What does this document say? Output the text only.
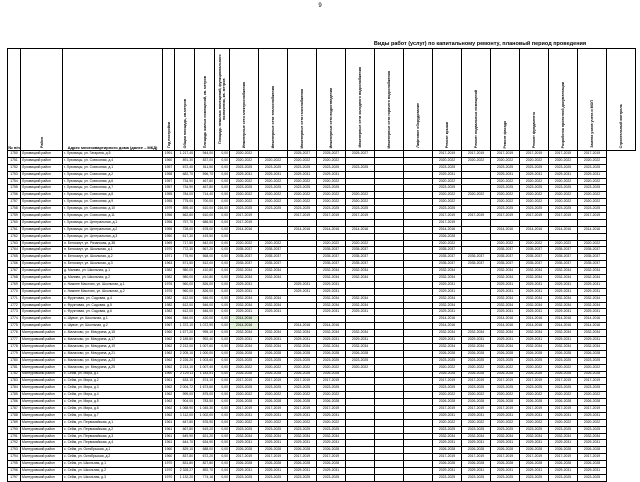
9
Виды работ (услуг) по капитальному ремонту, плановый период проведения
№ п/п	Район	Адрес многоквартирного дома (далее – МКД)	Год постройки	Общая площадь, кв.метров	Площадь жилых помещений, кв. метров	Площадь нежилых помещений, функционального назначения, кв. метров	Инженерные сети электроснабжения	Инженерные сети теплоснабжения	Инженерные сети газоснабжения	Инженерные сети водоотведения	Инженерные сети холодного водоснабжения	Инженерные сети горячего водоснабжения	Лифтовое оборудование	Ремонт крыши	Ремонт подвальных помещений	Ремонт фасада	Ремонт фундамента	Разработка проектной документации	Замена узлов учета и МОП	Строительный контроль

1750	Луховицкий район	г. Луховицы, ул. Гагарина, д.5	1991	1 217,40	944,00	0,00	2020-2022		2025-2027	2025-2027	2025-2027			2017-2019	2017-2019	2017-2019	2017-2019	2017-2019	2017-2019	
1751	Луховицкий район	г. Луховицы, ул. Совхозная, д.4	1960	891,30	837,00	0,00	2020-2022	2020-2022	2020-2022	2020-2022				2020-2022	2020-2022	2020-2022	2020-2022	2020-2022	2020-2022	
1752	Луховицкий район	г. Луховицы, ул. Совхозная, д.1	1957	672,40	511,50	0,00	2023-2025	2023-2025	2023-2025	2023-2025	2023-2025			2023-2025		2023-2025	2023-2025	2023-2025	2023-2025	
1753	Луховицкий район	г. Луховицы, ул. Совхозная, д.2	1958	682,70	596,70	0,00	2029-2031	2029-2031	2029-2031	2029-2031				2029-2031		2029-2031	2029-2031	2029-2031	2029-2031	
1754	Луховицкий район	г. Луховицы, ул. Совхозная, д.6	1957	734,90	467,80	0,00	2020-2022	2020-2022	2020-2022	2020-2022				2020-2022		2020-2022	2020-2022	2020-2022	2020-2022	
1755	Луховицкий район	г. Луховицы, ул. Совхозная, д.7	1957	734,90	467,80	0,00	2023-2025	2023-2025	2023-2025	2023-2025				2023-2025		2023-2025	2023-2025	2023-2025	2023-2025	
1756	Луховицкий район	г. Луховицы, ул. Совхозная, д.8	1955	784,00	714,40	0,00	2020-2022	2020-2022	2020-2022	2020-2022	2020-2022			2020-2022	2020-2022	2020-2022	2020-2022	2020-2022	2020-2022	
1757	Луховицкий район	г. Луховицы, ул. Совхозная, д.9	1955	775,00	700,00	0,00	2020-2022	2020-2022	2020-2022	2020-2022	2020-2022			2020-2022		2020-2022	2020-2022	2020-2022	2020-2022	
1758	Луховицкий район	г. Луховицы, ул. Совхозная, д.10	1979	895,40	610,00	216,00	2023-2025	2023-2025	2023-2025	2023-2025	2023-2025			2023-2025		2023-2025	2023-2025	2023-2025	2023-2025	
1759	Луховицкий район	г. Луховицы, ул. Совхозная, д.11	1956	662,60	610,00	0,00	2017-2019		2017-2019	2017-2019	2017-2019			2017-2019	2017-2019	2017-2019	2017-2019	2017-2019	2017-2019	
1760	Луховицкий район	г. Луховицы, ул. Центральная, д.1	1956	757,70	686,50	0,00	2017-2019							2017-2019						
1761	Луховицкий район	г. Луховицы, ул. Центральная, д.2	1955	728,00	678,00	0,00	2014-2016		2014-2016	2014-2016	2014-2016			2014-2016		2014-2016	2014-2016	2014-2016	2014-2016	
1762	Луховицкий район	г. Луховицы, ул. Центральная, д.3	1950	617,30	419,50	0,00								2026-2028						
1763	Луховицкий район	п. Белоомут, ул. Рязанская, д.38	1969	717,50	542,00	0,00	2020-2022	2020-2022		2020-2022	2020-2022			2020-2022		2020-2022	2020-2022	2020-2022	2020-2022	
1764	Луховицкий район	п. Белоомут, ул. Школьная, д.1	1970	772,30	567,20	0,00	2035-2037	2035-2037		2035-2037	2035-2037			2035-2037		2035-2037	2035-2037	2035-2037	2035-2037	
1765	Луховицкий район	п. Белоомут, ул. Школьная, д.2	1971	775,90	568,00	0,00	2035-2037	2035-2037		2035-2037	2035-2037			2035-2037	2035-2037	2035-2037	2035-2037	2035-2037	2035-2037	
1766	Луховицкий район	п. Белоомут, ул. Школьная, д.3	1963	571,50	512,00	0,00	2035-2037	2035-2037		2035-2037	2035-2037			2035-2037	2035-2037	2035-2037	2035-2037	2035-2037	2035-2037	
1767	Луховицкий район	д. Маливо, ул. Школьная, д.1	1982	980,00	410,80	0,00	2032-2034	2032-2034		2032-2034	2032-2034			2032-2034		2032-2034	2032-2034	2032-2034	2032-2034	
1768	Луховицкий район	д. Маливо, ул. Школьная, д.2	1982	980,00	410,80	0,00	2032-2034	2032-2034		2032-2034	2032-2034			2032-2034		2032-2034	2032-2034	2032-2034	2032-2034	
1769	Луховицкий район	с. Нижнее Маслово, ул. Школьная, д.1	1976	960,00	826,00	0,00	2029-2031		2029-2031	2029-2031				2029-2031		2029-2031	2029-2031	2029-2031	2029-2031	
1770	Луховицкий район	с. Нижнее Маслово, ул. Школьная, д.2	1976	960,00	826,00	0,00	2029-2031		2029-2031	2029-2031				2029-2031		2029-2031	2029-2031	2029-2031	2029-2031	
1771	Луховицкий район	с. Фруктовая, ул. Садовая, д.4	1982	612,00	546,00	0,00	2032-2034	2032-2034		2032-2034	2032-2034			2032-2034		2032-2034	2032-2034	2032-2034	2032-2034	
1772	Луховицкий район	с. Фруктовая, ул. Садовая, д.5	1982	612,00	546,00	0,00	2032-2034	2032-2034		2032-2034	2032-2034			2032-2034		2032-2034	2032-2034	2032-2034	2032-2034	
1773	Луховицкий район	с. Фруктовая, ул. Садовая, д.6	1982	612,00	546,00	0,00	2029-2031	2029-2031		2029-2031	2029-2031			2029-2031		2029-2031	2029-2031	2029-2031	2029-2031	
1774	Луховицкий район	с. Шувое, ул. Школьная, д.1	1966	546,00	420,00	0,00	2014-2016							2014-2016		2014-2016	2014-2016	2014-2016	2014-2016	
1775	Луховицкий район	с. Шувое, ул. Школьная, д.2	1967	1 372,10	1 072,90	0,00	2014-2016		2014-2016	2014-2016				2014-2016		2014-2016	2014-2016	2014-2016	2014-2016	
1776	Мантуровский район	с. Малахово, ул. Мичурина, д.15	1960	1 677,20	995,10	0,00	2032-2034	2032-2034	2032-2034	2032-2034	2032-2034			2032-2034	2032-2034	2032-2034	2032-2034	2032-2034	2032-2034	
1777	Мантуровский район	с. Малахово, ул. Мичурина, д.17	1962	2 189,80	992,40	0,00	2029-2031	2029-2031	2029-2031	2029-2031	2029-2031			2029-2031	2029-2031	2029-2031	2029-2031	2029-2031	2029-2031	
1778	Мантуровский район	с. Малахово, ул. Мичурина, д.19	1962	2 212,00	1 007,60	0,00	2032-2034	2032-2034	2032-2034	2032-2034	2032-2034			2032-2034	2032-2034	2032-2034	2032-2034	2032-2034	2032-2034	
1779	Мантуровский район	с. Малахово, ул. Мичурина, д.21	1962	2 205,10	1 000,00	0,00	2026-2028	2026-2028	2026-2028	2026-2028	2026-2028			2026-2028	2026-2028	2026-2028	2026-2028	2026-2028	2026-2028	
1780	Мантуровский район	с. Малахово, ул. Мичурина, д.23	1962	2 226,20	1 003,60	0,00	2023-2025	2023-2025	2023-2025	2023-2025	2023-2025			2023-2025	2023-2025	2023-2025	2023-2025	2023-2025	2023-2025	
1781	Мантуровский район	с. Малахово, ул. Мичурина, д.25	1962	2 213,10	1 007,40	0,00	2020-2022	2020-2022	2020-2022	2020-2022	2020-2022			2020-2022	2020-2022	2020-2022	2020-2022	2020-2022	2020-2022	
1782	Мантуровский район	с. Сейм, ул. Мира, д.1	1960	2 129,11	1 183,51	0,00	2026-2028	2026-2028	2026-2028	2026-2028				2026-2028	2026-2028	2026-2028	2026-2028	2026-2028	2026-2028	
1783	Мантуровский район	с. Сейм, ул. Мира, д.2	1961	633,10	574,10	0,00	2017-2019	2017-2019	2017-2019	2017-2019				2017-2019	2017-2019	2017-2019	2017-2019	2017-2019	2017-2019	
1784	Мантуровский район	с. Сейм, ул. Мира, д.3	1962	2 004,72	1 673,60	0,00	2023-2025	2023-2025	2023-2025	2023-2025				2023-2025	2023-2025	2023-2025	2023-2025	2023-2025	2023-2025	
1785	Мантуровский район	с. Сейм, ул. Мира, д.4	1962	999,00	875,00	0,00	2020-2022	2020-2022	2020-2022	2020-2022				2020-2022	2020-2022	2020-2022	2020-2022	2020-2022	2020-2022	
1786	Мантуровский район	с. Сейм, ул. Мира, д.5	1962	904,00	783,50	0,00	2026-2028	2026-2028	2026-2028	2026-2028				2026-2028	2026-2028	2026-2028	2026-2028	2026-2028	2026-2028	
1787	Мантуровский район	с. Сейм, ул. Мира, д.6	1962	1 068,90	1 045,30	0,00	2017-2019	2017-2019	2017-2019	2017-2019				2017-2019	2017-2019	2017-2019	2017-2019	2017-2019	2017-2019	
1788	Мантуровский район	с. Сейм, ул. Мира, д.7	1962	1 112,00	1 002,00	0,00	2029-2031	2029-2031	2029-2031	2029-2031				2029-2031	2029-2031	2029-2031	2029-2031	2029-2031	2029-2031	
1789	Мантуровский район	с. Сейм, ул. Первомайская, д.1	1961	647,80	576,90	0,00	2020-2022	2020-2022	2020-2022	2020-2022				2020-2022	2020-2022	2020-2022	2020-2022	2020-2022	2020-2022	
1790	Мантуровский район	с. Сейм, ул. Первомайская, д.2	1961	667,80	619,20	0,00	2023-2025	2023-2025	2023-2025	2023-2025				2023-2025	2023-2025	2023-2025	2023-2025	2023-2025	2023-2025	
1791	Мантуровский район	с. Сейм, ул. Первомайская, д.3	1961	649,90	621,20	0,00	2032-2034	2032-2034	2032-2034	2032-2034				2032-2034	2032-2034	2032-2034	2032-2034	2032-2034	2032-2034	
1792	Мантуровский район	с. Сейм, ул. Первомайская, д.4	1961	644,70	634,90	0,00	2029-2031	2029-2031	2029-2031	2029-2031				2029-2031	2029-2031	2029-2031	2029-2031	2029-2031	2029-2031	
1793	Мантуровский район	с. Сейм, ул. Октябрьская, д.1	1960	829,10	688,00	0,00	2026-2028	2026-2028	2026-2028	2026-2028				2026-2028	2026-2028	2026-2028	2026-2028	2026-2028	2026-2028	
1794	Мантуровский район	с. Сейм, ул. Октябрьская, д.2	1960	837,80	672,20	0,00	2017-2019	2017-2019	2017-2019	2017-2019				2017-2019	2017-2019	2017-2019	2017-2019	2017-2019	2017-2019	
1795	Мантуровский район	с. Сейм, ул. Школьная, д.1	1970	831,80	827,80	0,00	2026-2028	2026-2028	2026-2028	2026-2028				2026-2028	2026-2028	2026-2028	2026-2028	2026-2028	2026-2028	
1796	Мантуровский район	с. Сейм, ул. Школьная, д.2	1970	2 328,27	892,70	0,00	2029-2031	2029-2031	2029-2031	2029-2031				2029-2031	2029-2031	2029-2031	2029-2031	2029-2031	2029-2031	
1797	Мантуровский район	с. Сейм, ул. Школьная, д.3	1970	1 132,20	774,16	0,00	2023-2025	2023-2025	2023-2025	2023-2025				2023-2025	2023-2025	2023-2025	2023-2025	2023-2025	2023-2025	
